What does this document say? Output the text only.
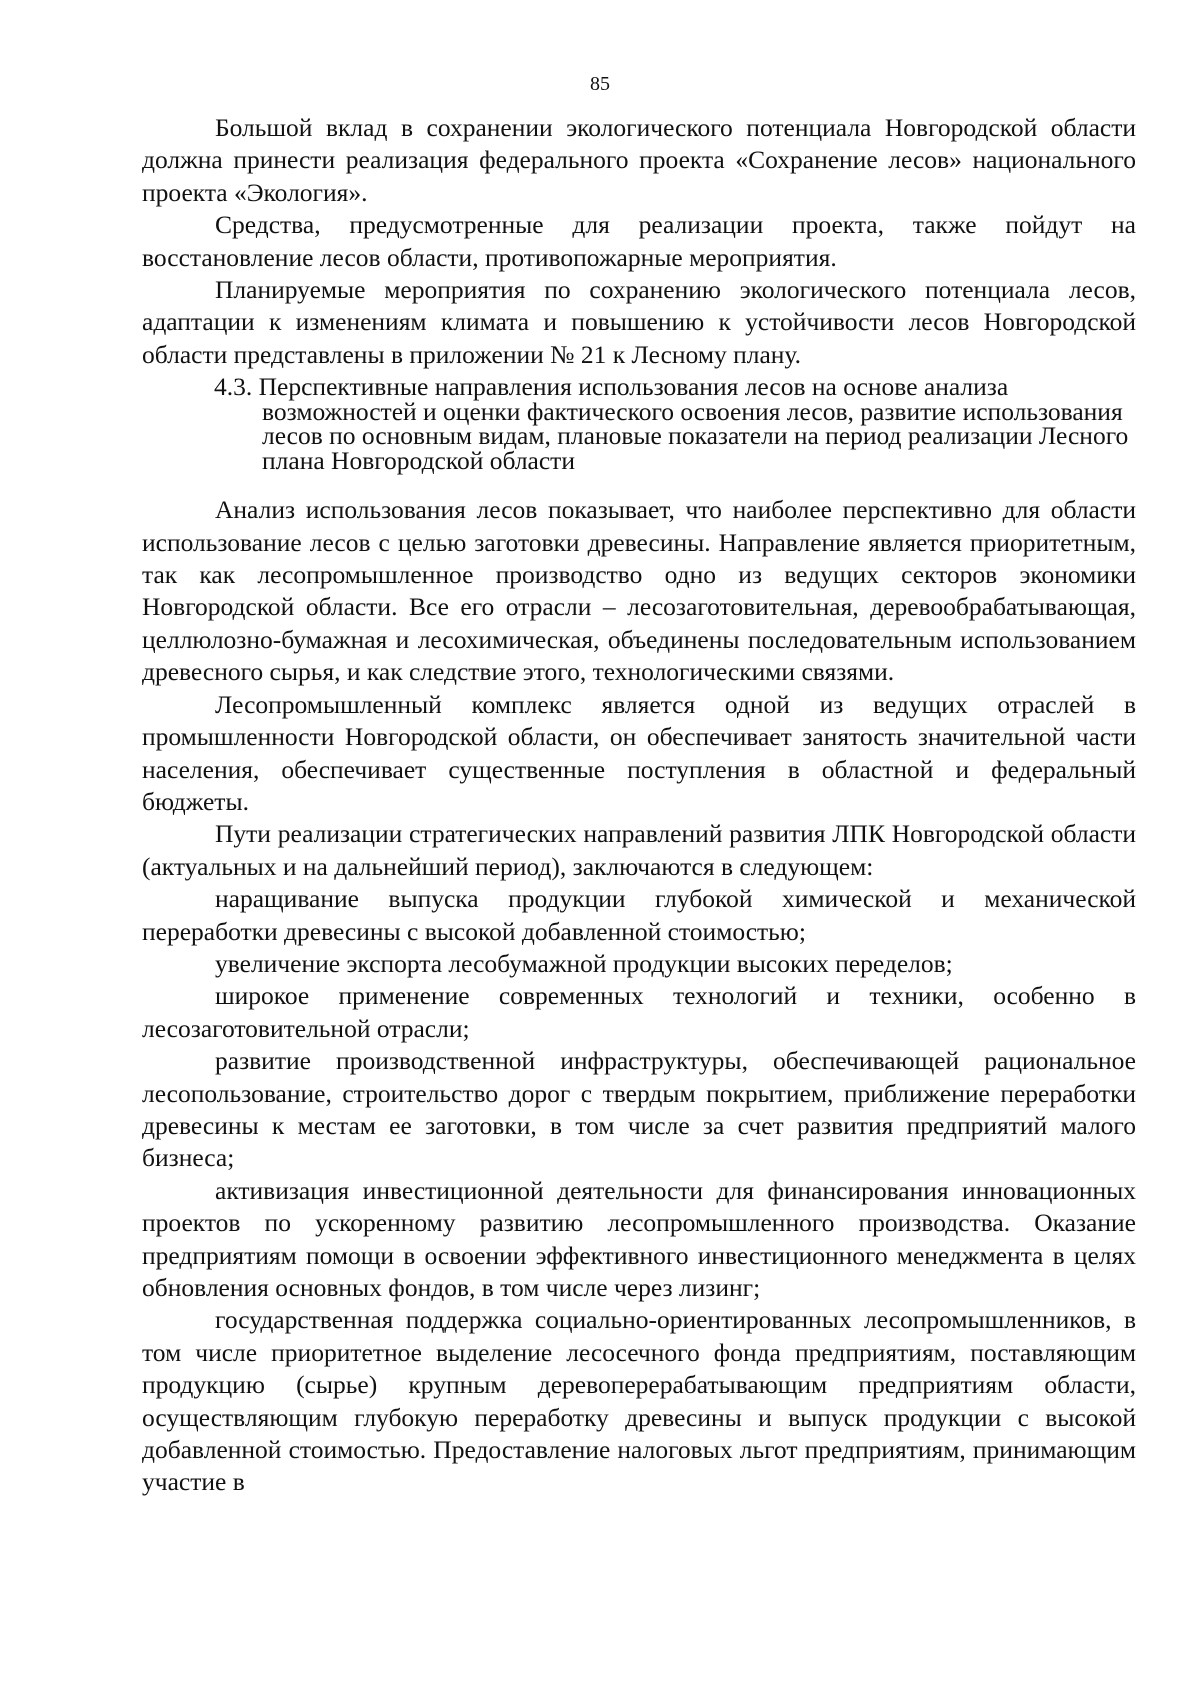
85

Большой вклад в сохранении экологического потенциала Новгородской области должна принести реализация федерального проекта «Сохранение лесов» национального проекта «Экология».

Средства, предусмотренные для реализации проекта, также пойдут на восстановление лесов области, противопожарные мероприятия.

Планируемые мероприятия по сохранению экологического потенциала лесов, адаптации к изменениям климата и повышению к устойчивости лесов Новгородской области представлены в приложении № 21 к Лесному плану.

4.3. Перспективные направления использования лесов на основе анализа возможностей и оценки фактического освоения лесов, развитие использования лесов по основным видам, плановые показатели на период реализации Лесного плана Новгородской области

Анализ использования лесов показывает, что наиболее перспективно для области использование лесов с целью заготовки древесины. Направление является приоритетным, так как лесопромышленное производство одно из ведущих секторов экономики Новгородской области. Все его отрасли – лесозаготовительная, деревообрабатывающая, целлюлозно-бумажная и лесохимическая, объединены последовательным использованием древесного сырья, и как следствие этого, технологическими связями.

Лесопромышленный комплекс является одной из ведущих отраслей в промышленности Новгородской области, он обеспечивает занятость значительной части населения, обеспечивает существенные поступления в областной и федеральный бюджеты.

Пути реализации стратегических направлений развития ЛПК Новгородской области (актуальных и на дальнейший период), заключаются в следующем:

наращивание выпуска продукции глубокой химической и механической переработки древесины с высокой добавленной стоимостью;

увеличение экспорта лесобумажной продукции высоких переделов;

широкое применение современных технологий и техники, особенно в лесозаготовительной отрасли;

развитие производственной инфраструктуры, обеспечивающей рациональное лесопользование, строительство дорог с твердым покрытием, приближение переработки древесины к местам ее заготовки, в том числе за счет развития предприятий малого бизнеса;

активизация инвестиционной деятельности для финансирования инновационных проектов по ускоренному развитию лесопромышленного производства. Оказание предприятиям помощи в освоении эффективного инвестиционного менеджмента в целях обновления основных фондов, в том числе через лизинг;

государственная поддержка социально-ориентированных лесопромышленников, в том числе приоритетное выделение лесосечного фонда предприятиям, поставляющим продукцию (сырье) крупным деревоперерабатывающим предприятиям области, осуществляющим глубокую переработку древесины и выпуск продукции с высокой добавленной стоимостью. Предоставление налоговых льгот предприятиям, принимающим участие в
